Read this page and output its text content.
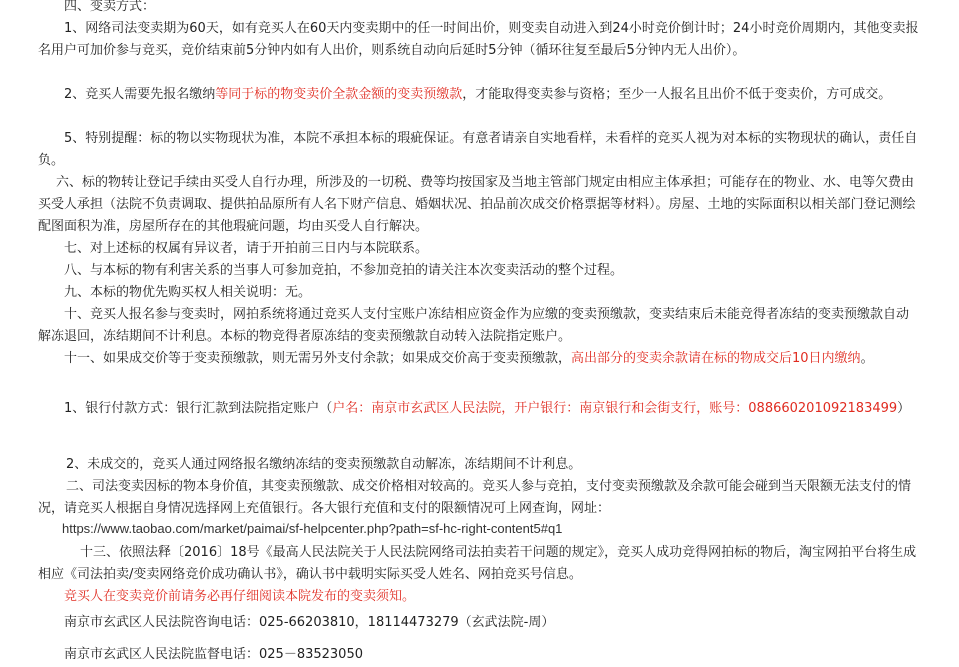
四、变卖方式：

1、网络司法变卖期为60天，如有竞买人在60天内变卖期中的任一时间出价，则变卖自动进入到24小时竞价倒计时；24小时竞价周期内，其他变卖报名用户可加价参与竞买，竞价结束前5分钟内如有人出价，则系统自动向后延时5分钟（循环往复至最后5分钟内无人出价）。

2、竞买人需要先报名缴纳等同于标的物变卖价全款金额的变卖预缴款，才能取得变卖参与资格；至少一人报名且出价不低于变卖价，方可成交。

5、特别提醒：标的物以实物现状为准，本院不承担本标的瑕疵保证。有意者请亲自实地看样，未看样的竞买人视为对本标的实物现状的确认，责任自负。

六、标的物转让登记手续由买受人自行办理，所涉及的一切税、费等均按国家及当地主管部门规定由相应主体承担；可能存在的物业、水、电等欠费由买受人承担（法院不负责调取、提供拍品原所有人名下财产信息、婚姻状况、拍品前次成交价格票据等材料）。房屋、土地的实际面积以相关部门登记测绘配图面积为准，房屋所存在的其他瑕疵问题，均由买受人自行解决。

七、对上述标的权属有异议者，请于开拍前三日内与本院联系。

八、与本标的物有利害关系的当事人可参加竞拍，不参加竞拍的请关注本次变卖活动的整个过程。

九、本标的物优先购买权人相关说明：无。

十、竞买人报名参与变卖时，网拍系统将通过竞买人支付宝账户冻结相应资金作为应缴的变卖预缴款，变卖结束后未能竞得者冻结的变卖预缴款自动解冻退回，冻结期间不计利息。本标的物竞得者原冻结的变卖预缴款自动转入法院指定账户。

十一、如果成交价等于变卖预缴款，则无需另外支付余款；如果成交价高于变卖预缴款，高出部分的变卖余款请在标的物成交后10日内缴纳。

1、银行付款方式：银行汇款到法院指定账户（户名：南京市玄武区人民法院，开户银行：南京银行和会街支行，账号：088660201092183499）

2、未成交的，竞买人通过网络报名缴纳冻结的变卖预缴款自动解冻，冻结期间不计利息。

二、司法变卖因标的物本身价值，其变卖预缴款、成交价格相对较高的。竞买人参与竞拍，支付变卖预缴款及余款可能会碰到当天限额无法支付的情况，请竞买人根据自身情况选择网上充值银行。各大银行充值和支付的限额情况可上网查询，网址：

https://www.taobao.com/market/paimai/sf-helpcenter.php?path=sf-hc-right-content5#q1

十三、依照法释〔2016〕18号《最高人民法院关于人民法院网络司法拍卖若干问题的规定》，竞买人成功竞得网拍标的物后，淘宝网拍平台将生成相应《司法拍卖/变卖网络竞价成功确认书》，确认书中载明实际买受人姓名、网拍竞买号信息。

竞买人在变卖竞价前请务必再仔细阅读本院发布的变卖须知。

南京市玄武区人民法院咨询电话：025-66203810，18114473279（玄武法院-周）

南京市玄武区人民法院监督电话：025－83523050
